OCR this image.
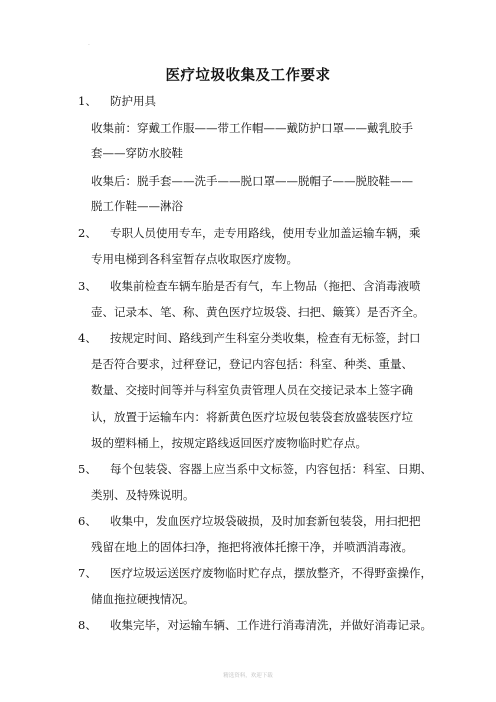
.
医疗垃圾收集及工作要求
1、 防护用具
收集前：穿戴工作服——带工作帽——戴防护口罩——戴乳胶手
套——穿防水胶鞋
收集后：脱手套——洗手——脱口罩——脱帽子——脱胶鞋——
脱工作鞋——淋浴
2、 专职人员使用专车，走专用路线，使用专业加盖运输车辆，乘
专用电梯到各科室暂存点收取医疗废物。
3、 收集前检查车辆车胎是否有气，车上物品（拖把、含消毒液喷
壶、记录本、笔、称、黄色医疗垃圾袋、扫把、簸箕）是否齐全。
4、 按规定时间、路线到产生科室分类收集，检查有无标签，封口
是否符合要求，过秤登记，登记内容包括：科室、种类、重量、
数量、交接时间等并与科室负责管理人员在交接记录本上签字确
认，放置于运输车内：将新黄色医疗垃圾包装袋套放盛装医疗垃
圾的塑料桶上，按规定路线返回医疗废物临时贮存点。
5、 每个包装袋、容器上应当系中文标签，内容包括：科室、日期、
类别、及特殊说明。
6、 收集中，发血医疗垃圾袋破损，及时加套新包装袋，用扫把把
残留在地上的固体扫净，拖把将液体托擦干净，并喷洒消毒液。
7、 医疗垃圾运送医疗废物临时贮存点，摆放整齐，不得野蛮操作，
储血拖拉硬拽情况。
8、 收集完毕，对运输车辆、工作进行消毒清洗，并做好消毒记录。
精选资料，欢迎下载
